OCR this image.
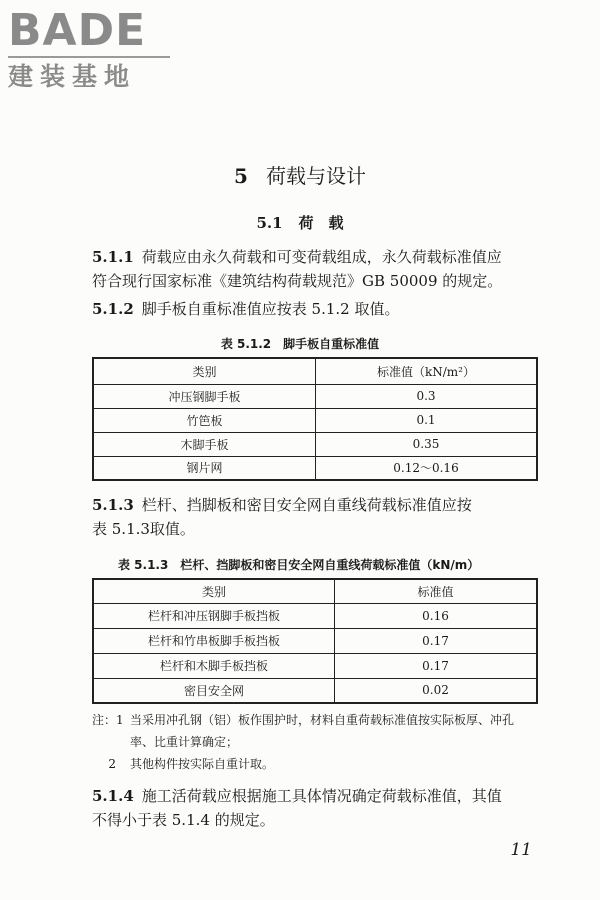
BADE
建装基地
5 荷载与设计
5.1 荷　载

5.1.1 荷载应由永久荷载和可变荷载组成，永久荷载标准值应
符合现行国家标准《建筑结构荷载规范》GB 50009 的规定。

5.1.2 脚手板自重标准值应按表 5.1.2 取值。

表 5.1.2　脚手板自重标准值
类别	标准值（kN/m²）
冲压钢脚手板	0.3
竹笆板	0.1
木脚手板	0.35
钢片网	0.12～0.16

5.1.3 栏杆、挡脚板和密目安全网自重线荷载标准值应按
表 5.1.3取值。

表 5.1.3　栏杆、挡脚板和密目安全网自重线荷载标准值（kN/m）
类别	标准值
栏杆和冲压钢脚手板挡板	0.16
栏杆和竹串板脚手板挡板	0.17
栏杆和木脚手板挡板	0.17
密目安全网	0.02
注：1 当采用冲孔钢（铝）板作围护时，材料自重荷载标准值按实际板厚、冲孔
率、比重计算确定；
2	其他构件按实际自重计取。

5.1.4 施工活荷载应根据施工具体情况确定荷载标准值，其值
不得小于表 5.1.4 的规定。

11
